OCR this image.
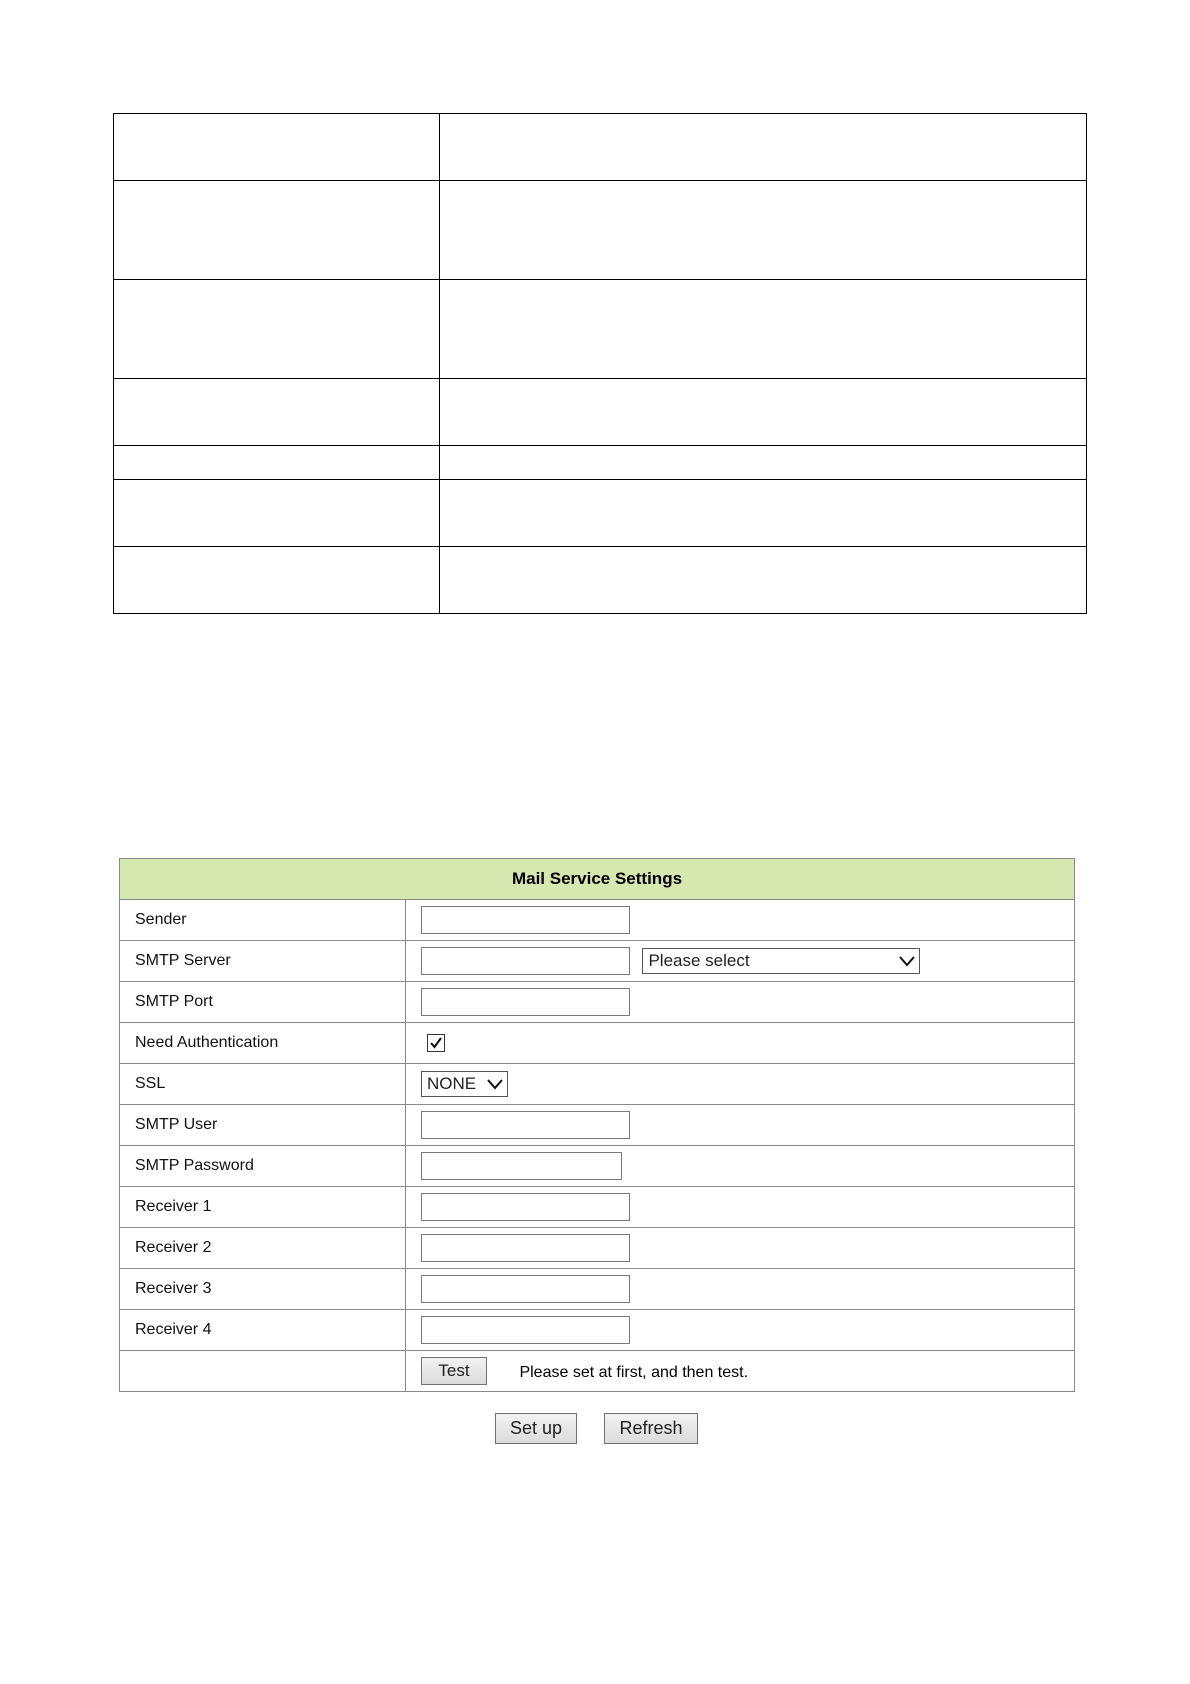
Mail Service Settings	
Sender	
SMTP Server	Please select

SMTP Port	
Need Authentication	

SSL	NONE

SMTP User	
SMTP Password	
Receiver 1	
Receiver 2	
Receiver 3	
Receiver 4	
	Test Please set at first, and then test.
Set up	Refresh
